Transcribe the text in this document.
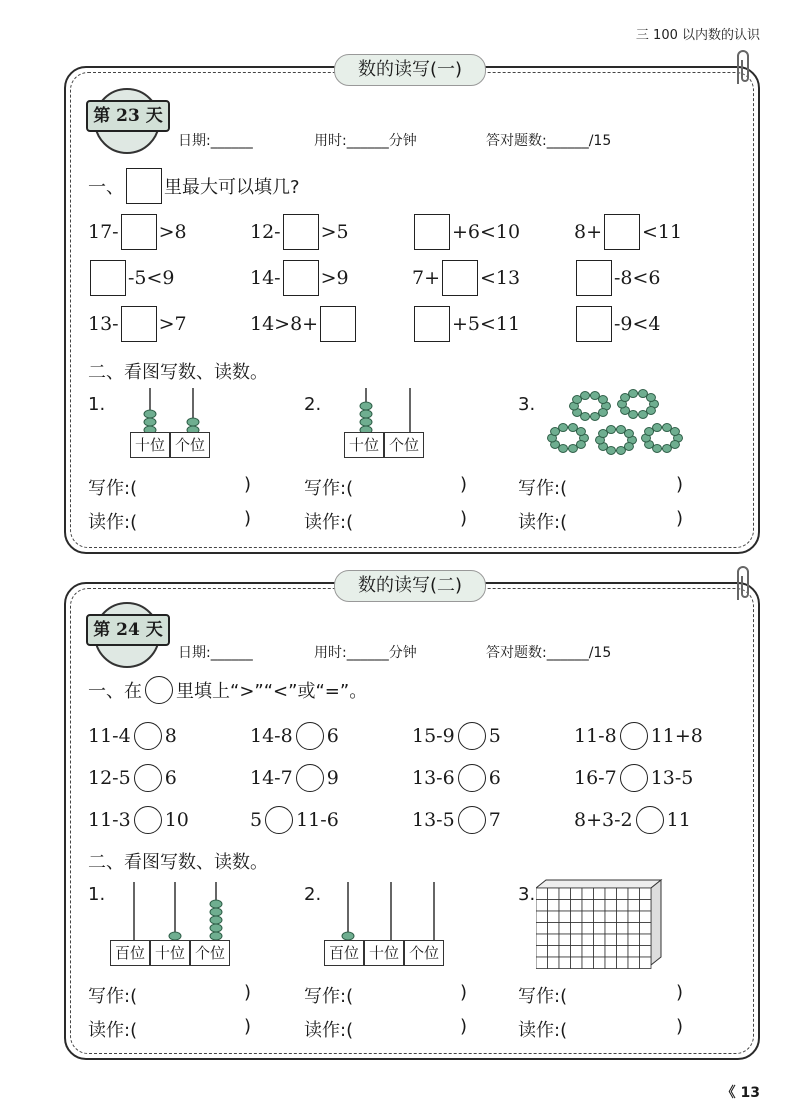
三 100 以内数的认识
数的读写(一)
第 23 天
日期:______	用时:______分钟	答对题数:______/15
一、 里最大可以填几?
17- >8	12- >5	+6<10	8+ <11
-5<9	14- >9	7+ <13	-8<6
13- >7	14>8+	+5<11	-9<4
二、看图写数、读数。
1.
十位 个位
2.
十位 个位
3.
写作:(	)	写作:(	)	写作:(	)
读作:(	)	读作:(	)	读作:(	)
数的读写(二)
第 24 天
日期:______	用时:______分钟	答对题数:______/15
一、在 里填上“>”“<”或“=”。
11-4 8	14-8 6	15-9 5	11-8 11+8
12-5 6	14-7 9	13-6 6	16-7 13-5
11-3 10	5 11-6	13-5 7	8+3-2 11
二、看图写数、读数。
1.
百位 十位 个位
2.
百位 十位 个位
3.
写作:(	)	写作:(	)	写作:(	)
读作:(	)	读作:(	)	读作:(	)
《 13
